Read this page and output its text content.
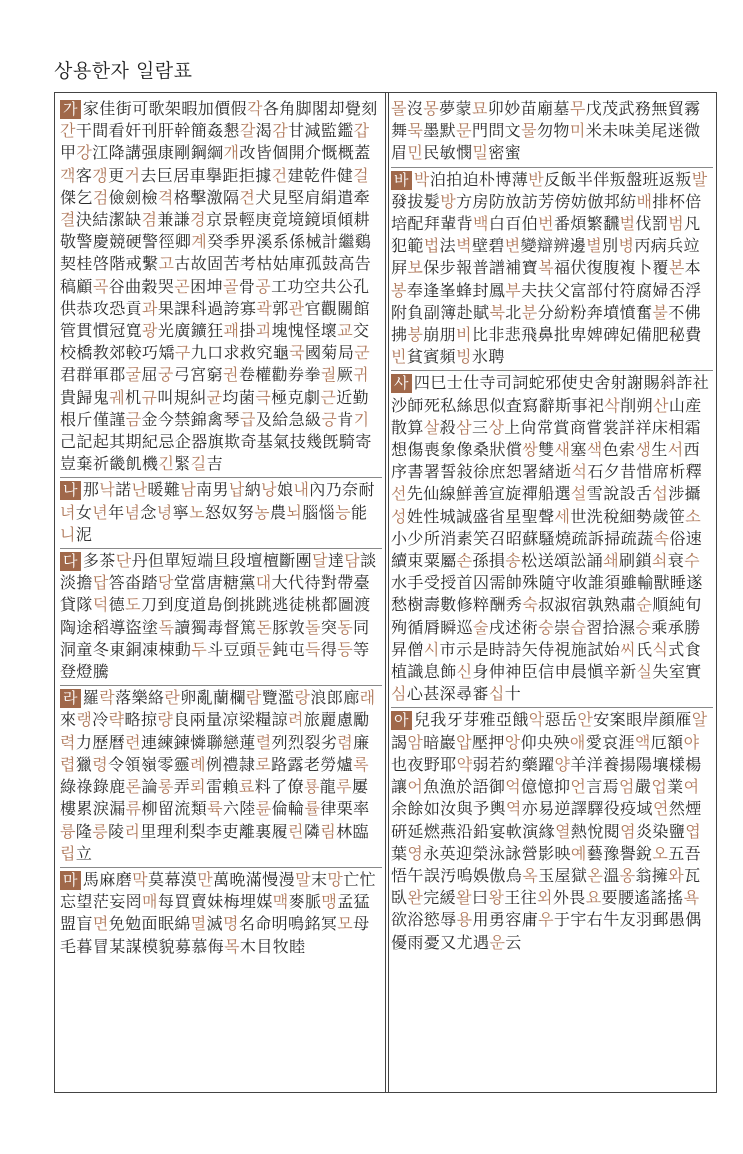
상용한자 일람표
가 家佳街可歌架暇加價假각各角脚閣却覺刻간干間看奸刊肝幹簡姦懇갈渴감甘減監鑑갑甲강江降講强康剛鋼綱개改皆個開介慨概蓋객客갱更거去巨居車擧距拒據건建乾件健걸傑乞검儉劍檢격格擊激隔견犬見堅肩絹遣牽결決結潔缺겸兼謙경京景輕庚竟境鏡頃傾耕敬警慶競硬警徑卿계癸季界溪系係械計繼鷄契桂啓階戒繫고古故固苦考枯姑庫孤鼓高告稿顧곡谷曲穀哭곤困坤골骨공工功空共公孔供恭攻恐貢과果課科過誇寡곽郭관官觀關館管貫慣冠寬광光廣鑛狂괘掛괴塊愧怪壞교交校橋教郊較巧矯구九口求救究龜국國菊局군君群軍郡굴屈궁弓宮窮권卷權勸券拳궐厥귀貴歸鬼궤机규叫規糾균均菌극極克劇근近勤根斤僅謹금金今禁錦禽琴급及給急級긍肯기己記起其期紀忌企器旗欺奇基氣技幾旣騎寄豈棄祈畿飢機긴緊길吉
나 那낙諾난暖難남南男납納낭娘내內乃奈耐녀女년年념念녕寧노怒奴努농農뇌腦惱능能니泥
다 多茶단丹但單短端旦段壇檀斷團달達담談淡擔답答畓踏당堂當唐糖黨대大代待對帶臺貸隊덕德도刀到度道島倒挑跳逃徒桃都圖渡陶途稻導盜塗독讀獨毒督篤돈豚敦돌突동同洞童冬東銅凍棟動두斗豆頭둔鈍屯득得등等登燈騰
라 羅락落樂絡란卵亂蘭欄람覽濫랑浪郎廊래來랭冷략略掠량良兩量凉梁糧諒려旅麗慮勵력力歷曆련連練鍊憐聯戀蓮렬列烈裂劣렴廉렵獵령令領嶺零靈례例禮隷로路露老勞爐록綠祿錄鹿론論롱弄뢰雷賴료料了僚룡龍루屢樓累淚漏류柳留流類륙六陸륜倫輪률律栗率륭隆릉陵리里理利梨李吏離裏履린隣림林臨립立
마 馬麻磨막莫幕漠만萬晩滿慢漫말末망亡忙忘望茫妄罔매每買賣妹梅埋媒맥麥脈맹孟猛盟盲면免勉面眠綿멸滅명名命明鳴銘冥모母毛暮冒某謀模貌募慕侮목木目牧睦
몰沒몽夢蒙묘卯妙苗廟墓무戊茂武務無貿霧舞묵墨默문門問文물勿物미米未味美尾迷微眉민民敏憫밀密蜜
바 박泊拍迫朴博薄반反飯半伴叛盤班返叛발發拔髮방方房防放訪芳傍妨倣邦紡배排杯倍培配拜輩背백白百伯번番煩繁飜벌伐罰범凡犯範법法벽壁碧변變辯辨邊별別병丙病兵竝屛보保步報普譜補寶복福伏復腹複卜覆본本봉奉逢峯蜂封鳳부夫扶父富部付符腐婦否浮附負副簿赴賦북北분分紛粉奔墳憤奮불不佛拂붕崩朋비比非悲飛鼻批卑婢碑妃備肥秘費빈貧賓頻빙氷聘
사 四巳士仕寺司詞蛇邪使史舍射謝賜斜詐社沙師死私絲思似査寫辭斯事祀삭削朔산山産散算살殺삼三상上尙常賞商嘗裳詳祥床相霜想傷喪象像桑狀償쌍雙새塞색色索생生서西序書署誓敍徐庶恕署緖逝석石夕昔惜席析釋선先仙線鮮善宣旋禪船選설雪說設舌섭涉攝성姓性城誠盛省星聖聲세世洗稅細勢歲笹소小少所消素笑召昭蘇騷燒疏訴掃疏蔬속俗速續束粟屬손孫損송松送頌訟誦쇄刷鎖쇠衰수水手受授首囚需帥殊隨守收誰須雖輸獸睡遂愁樹壽數修粹酬秀숙叔淑宿孰熟肅순順純旬殉循脣瞬巡술戌述術숭崇습習拾濕승乘承勝昇僧시市示是時詩矢侍視施試始씨氏식式食植識息飾신身伸神臣信申晨愼辛新실失室實심心甚深尋審십十
아 兒我牙芽雅亞餓악惡岳안安案眼岸顔雁알謁암暗巖압壓押앙仰央殃애愛哀涯액厄額야也夜野耶약弱若約藥躍양羊洋養揚陽壤樣楊讓어魚漁於語御억億憶抑언言焉엄嚴업業여余餘如汝與予輿역亦易逆譯驛役疫域연然煙硏延燃燕沿鉛宴軟演緣열熱悅閱염炎染鹽엽葉영永英迎榮泳詠營影映예藝豫譽銳오五吾悟午誤汚嗚娛傲烏옥玉屋獄온溫옹翁擁와瓦臥완完緩왈曰왕王往외外畏요要腰遙謠搖욕欲浴慾辱용用勇容庸우于宇右牛友羽郵愚偶優雨憂又尤遇운云
